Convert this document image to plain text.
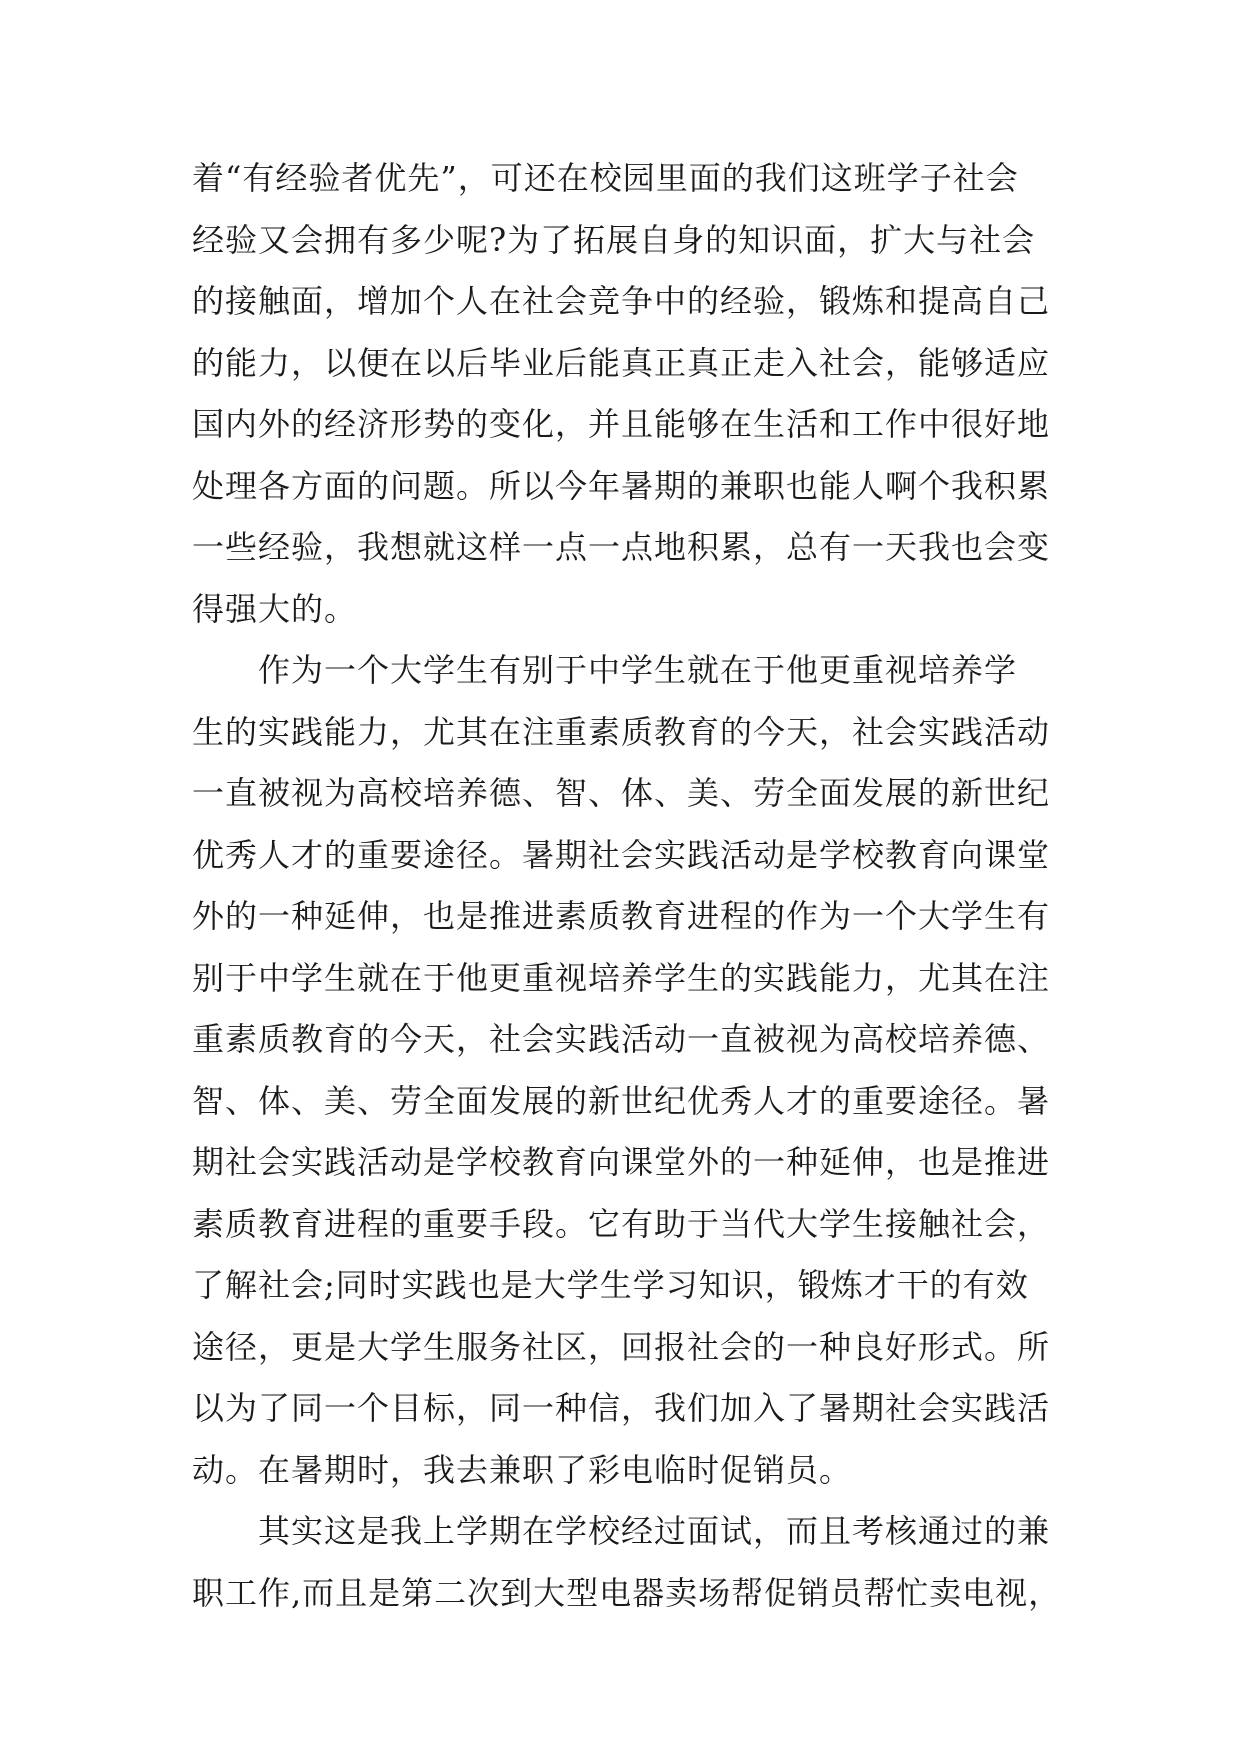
着“有经验者优先”，可还在校园里面的我们这班学子社会
经验又会拥有多少呢?为了拓展自身的知识面，扩大与社会
的接触面，增加个人在社会竞争中的经验，锻炼和提高自己
的能力，以便在以后毕业后能真正真正走入社会，能够适应
国内外的经济形势的变化，并且能够在生活和工作中很好地
处理各方面的问题。所以今年暑期的兼职也能人啊个我积累
一些经验，我想就这样一点一点地积累，总有一天我也会变
得强大的。
　　作为一个大学生有别于中学生就在于他更重视培养学
生的实践能力，尤其在注重素质教育的今天，社会实践活动
一直被视为高校培养德、智、体、美、劳全面发展的新世纪
优秀人才的重要途径。暑期社会实践活动是学校教育向课堂
外的一种延伸，也是推进素质教育进程的作为一个大学生有
别于中学生就在于他更重视培养学生的实践能力，尤其在注
重素质教育的今天，社会实践活动一直被视为高校培养德、
智、体、美、劳全面发展的新世纪优秀人才的重要途径。暑
期社会实践活动是学校教育向课堂外的一种延伸，也是推进
素质教育进程的重要手段。它有助于当代大学生接触社会，
了解社会;同时实践也是大学生学习知识，锻炼才干的有效
途径，更是大学生服务社区，回报社会的一种良好形式。所
以为了同一个目标，同一种信，我们加入了暑期社会实践活
动。在暑期时，我去兼职了彩电临时促销员。
　　其实这是我上学期在学校经过面试，而且考核通过的兼
职工作,而且是第二次到大型电器卖场帮促销员帮忙卖电视，
